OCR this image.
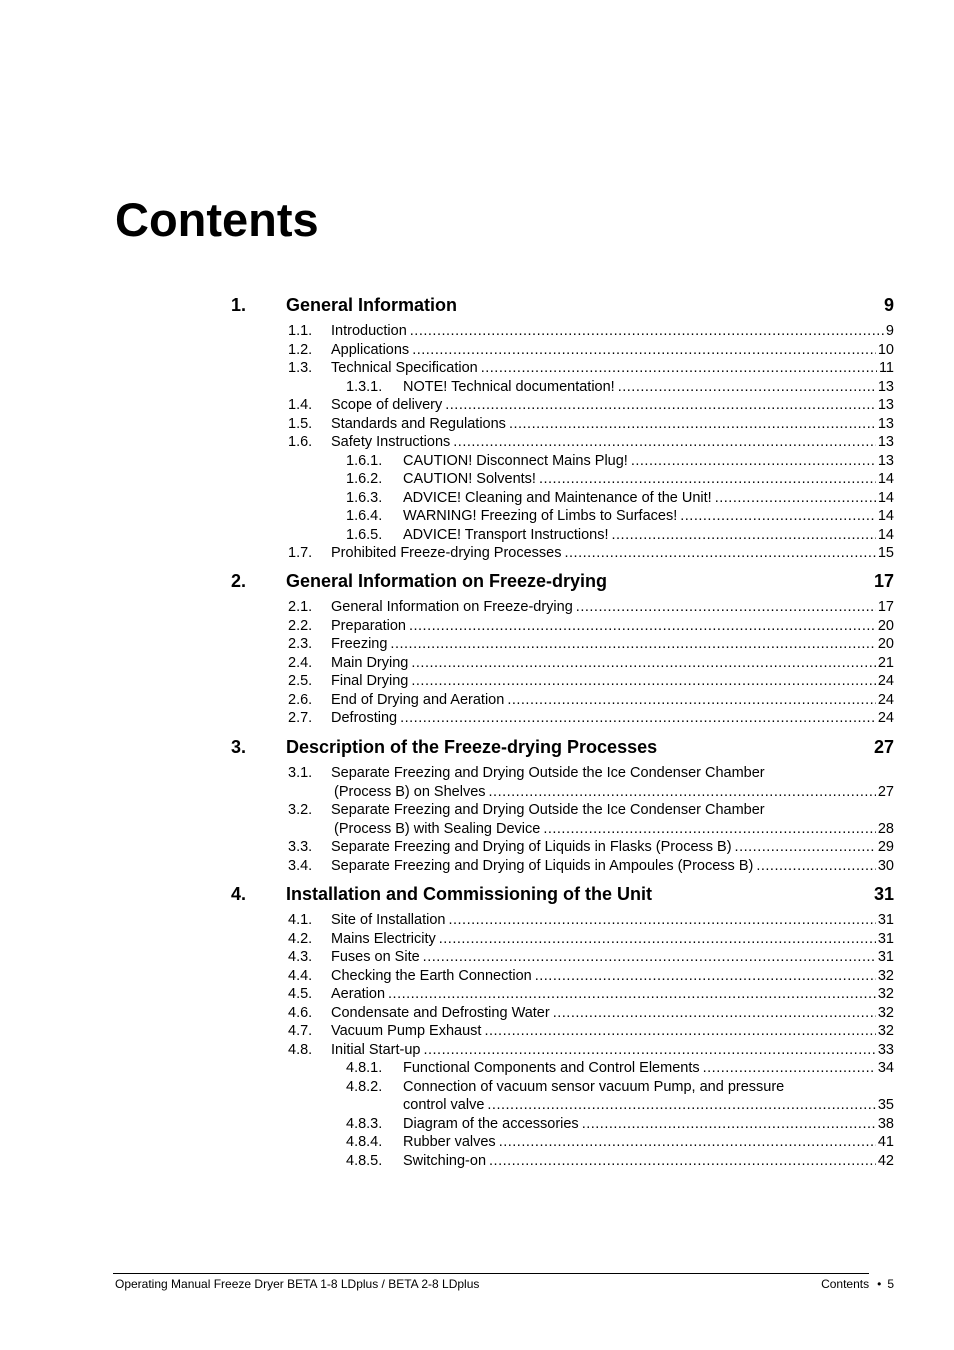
Contents
1. General Information	9
1.1. Introduction .....	9
1.2. Applications .....	10
1.3. Technical Specification .....	11
1.3.1. NOTE! Technical documentation! .....	13
1.4. Scope of delivery .....	13
1.5. Standards and Regulations .....	13
1.6. Safety Instructions .....	13
1.6.1. CAUTION! Disconnect Mains Plug! .....	13
1.6.2. CAUTION! Solvents! .....	14
1.6.3. ADVICE! Cleaning and Maintenance of the Unit! .....	14
1.6.4. WARNING! Freezing of Limbs to Surfaces! .....	14
1.6.5. ADVICE! Transport Instructions! .....	14
1.7. Prohibited Freeze-drying Processes .....	15
2. General Information on Freeze-drying	17
2.1. General Information on Freeze-drying .....	17
2.2. Preparation .....	20
2.3. Freezing .....	20
2.4. Main Drying .....	21
2.5. Final Drying .....	24
2.6. End of Drying and Aeration .....	24
2.7. Defrosting .....	24
3. Description of the Freeze-drying Processes	27
3.1. Separate Freezing and Drying Outside the Ice Condenser Chamber
(Process B) on Shelves .....	27
3.2. Separate Freezing and Drying Outside the Ice Condenser Chamber
(Process B) with Sealing Device .....	28
3.3. Separate Freezing and Drying of Liquids in Flasks (Process B) .....	29
3.4. Separate Freezing and Drying of Liquids in Ampoules (Process B) .....	30
4. Installation and Commissioning of the Unit	31
4.1. Site of Installation .....	31
4.2. Mains Electricity .....	31
4.3. Fuses on Site .....	31
4.4. Checking the Earth Connection .....	32
4.5. Aeration .....	32
4.6. Condensate and Defrosting Water .....	32
4.7. Vacuum Pump Exhaust .....	32
4.8. Initial Start-up .....	33
4.8.1. Functional Components and Control Elements .....	34
4.8.2. Connection of vacuum sensor vacuum Pump, and pressure
control valve .....	35
4.8.3. Diagram of the accessories .....	38
4.8.4. Rubber valves .....	41
4.8.5. Switching-on .....	42
Operating Manual Freeze Dryer BETA 1-8 LDplus / BETA 2-8 LDplus	Contents • 5
